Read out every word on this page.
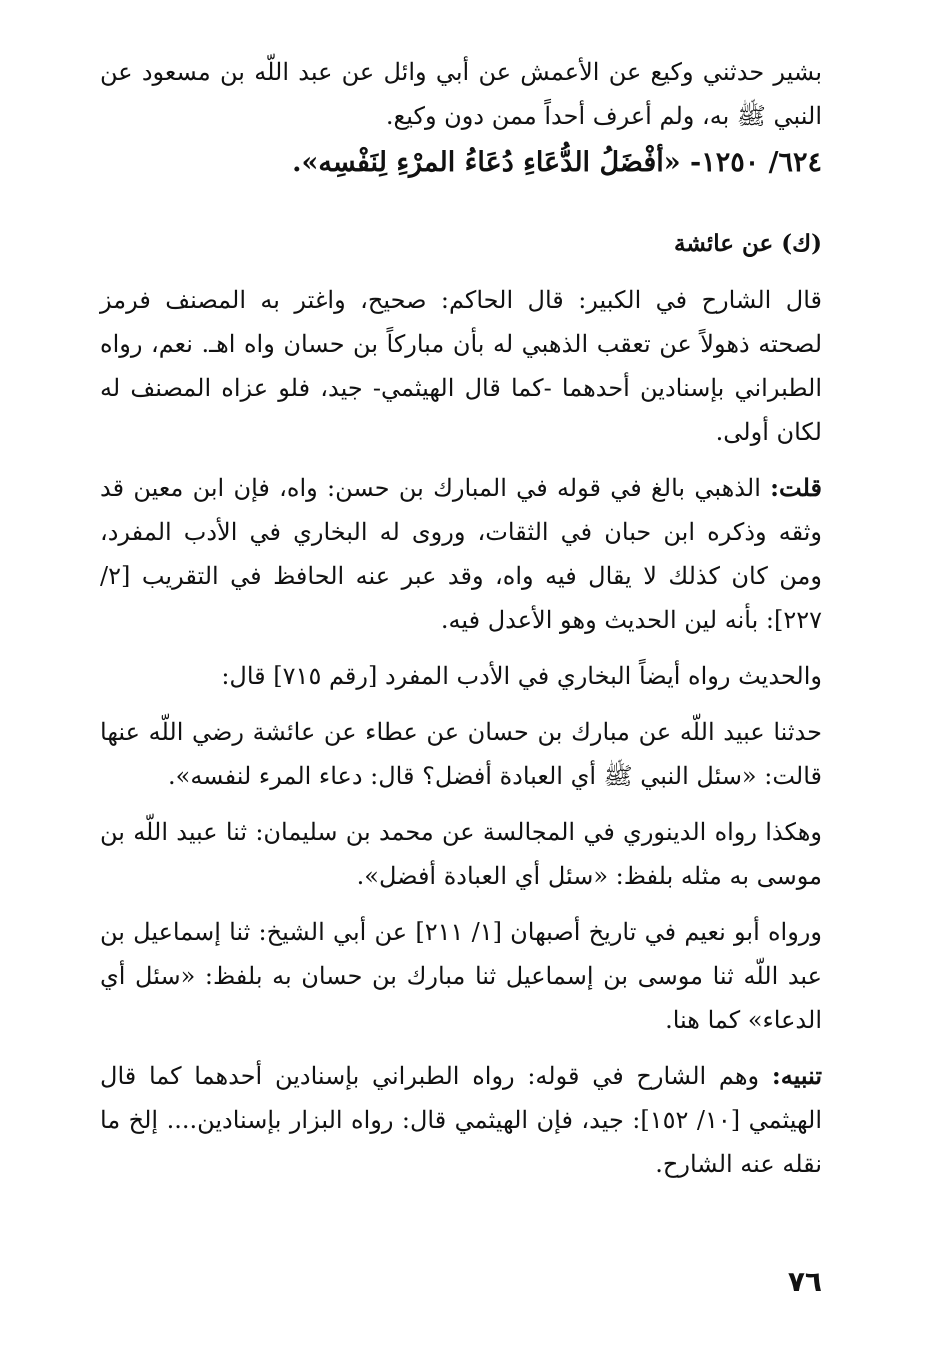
بشير حدثني وكيع عن الأعمش عن أبي وائل عن عبد اللّه بن مسعود عن النبي ﷺ به، ولم أعرف أحداً ممن دون وكيع.

٦٢٤/ ١٢٥٠- «أفْضَلُ الدُّعَاءِ دُعَاءُ المرْءِ لِنَفْسِه».

(ك) عن عائشة

قال الشارح في الكبير: قال الحاكم: صحيح، واغتر به المصنف فرمز لصحته ذهولاً عن تعقب الذهبي له بأن مباركاً بن حسان واه اهـ. نعم، رواه الطبراني بإسنادين أحدهما -كما قال الهيثمي- جيد، فلو عزاه المصنف له لكان أولى.

قلت: الذهبي بالغ في قوله في المبارك بن حسن: واه، فإن ابن معين قد وثقه وذكره ابن حبان في الثقات، وروى له البخاري في الأدب المفرد، ومن كان كذلك لا يقال فيه واه، وقد عبر عنه الحافظ في التقريب [٢/ ٢٢٧]: بأنه لين الحديث وهو الأعدل فيه.

والحديث رواه أيضاً البخاري في الأدب المفرد [رقم ٧١٥] قال:

حدثنا عبيد اللّه عن مبارك بن حسان عن عطاء عن عائشة رضي اللّه عنها قالت: «سئل النبي ﷺ أي العبادة أفضل؟ قال: دعاء المرء لنفسه».

وهكذا رواه الدينوري في المجالسة عن محمد بن سليمان: ثنا عبيد اللّه بن موسى به مثله بلفظ: «سئل أي العبادة أفضل».

ورواه أبو نعيم في تاريخ أصبهان [١/ ٢١١] عن أبي الشيخ: ثنا إسماعيل بن عبد اللّه ثنا موسى بن إسماعيل ثنا مبارك بن حسان به بلفظ: «سئل أي الدعاء» كما هنا.

تنبيه: وهم الشارح في قوله: رواه الطبراني بإسنادين أحدهما كما قال الهيثمي [١٠/ ١٥٢]: جيد، فإن الهيثمي قال: رواه البزار بإسنادين.... إلخ ما نقله عنه الشارح.

٧٦
